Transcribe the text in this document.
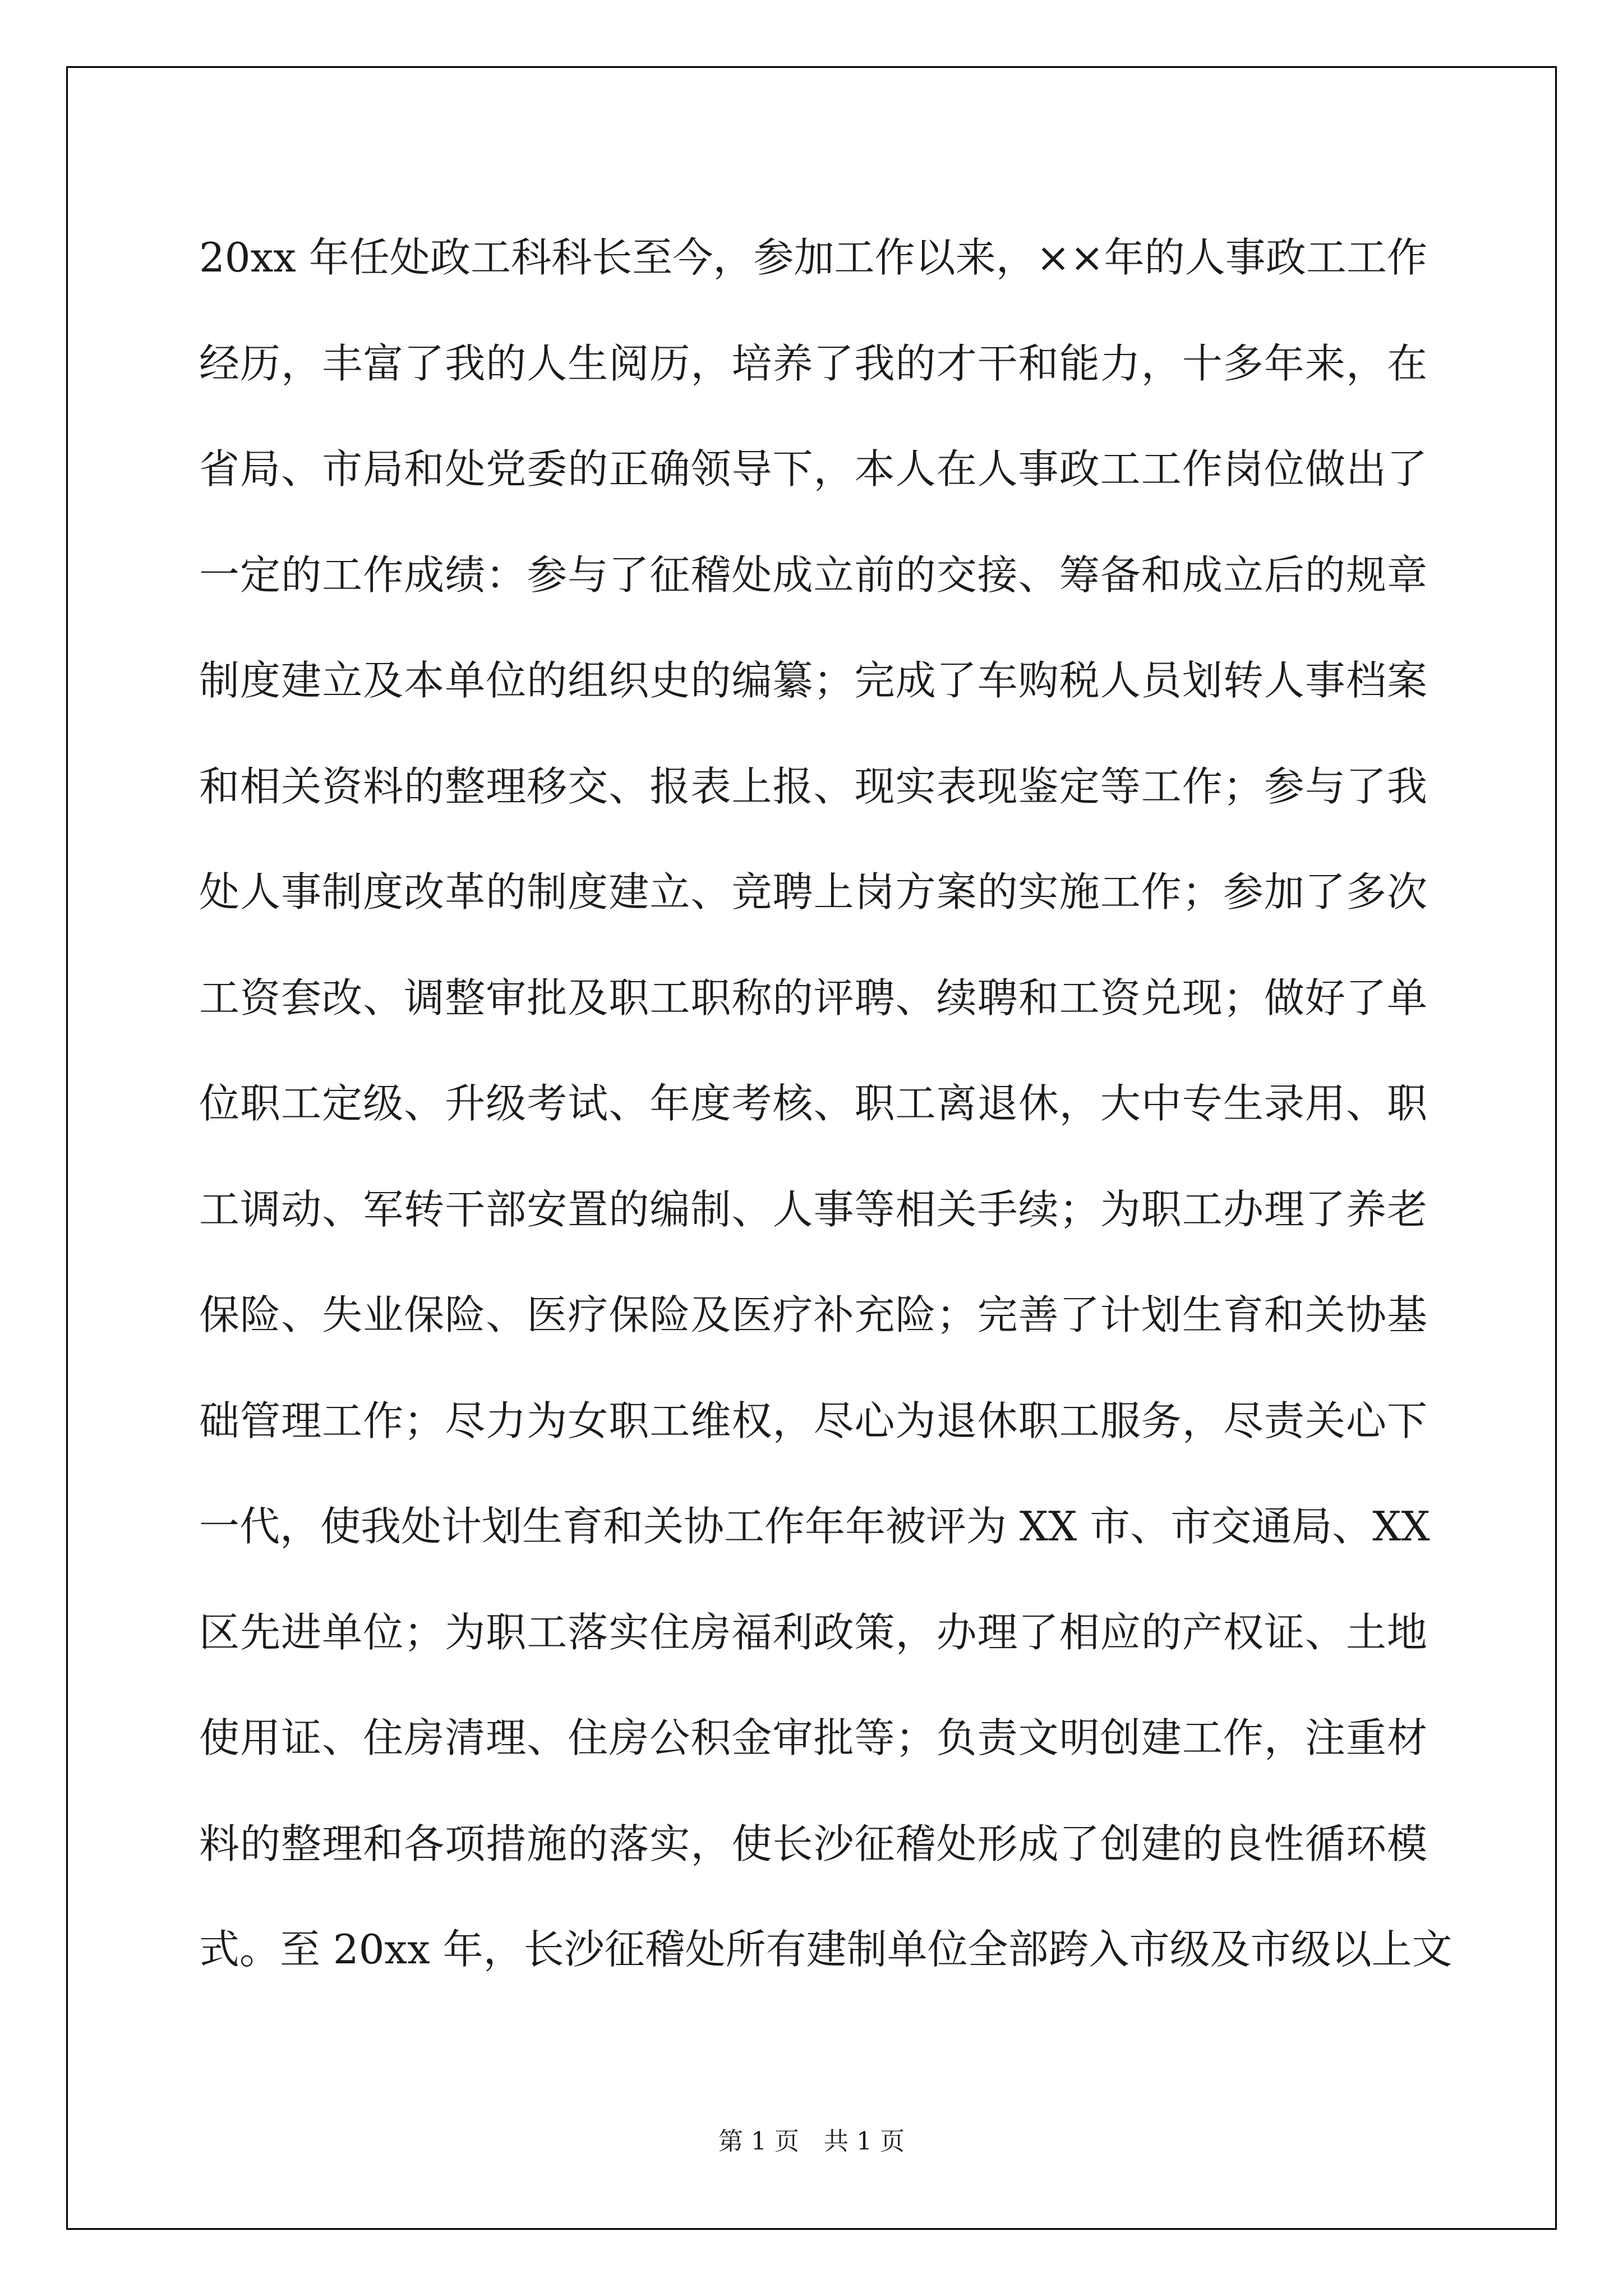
20xx 年任处政工科科长至今，参加工作以来，××年的人事政工工作
经历，丰富了我的人生阅历，培养了我的才干和能力，十多年来，在
省局、市局和处党委的正确领导下，本人在人事政工工作岗位做出了
一定的工作成绩：参与了征稽处成立前的交接、筹备和成立后的规章
制度建立及本单位的组织史的编纂；完成了车购税人员划转人事档案
和相关资料的整理移交、报表上报、现实表现鉴定等工作；参与了我
处人事制度改革的制度建立、竞聘上岗方案的实施工作；参加了多次
工资套改、调整审批及职工职称的评聘、续聘和工资兑现；做好了单
位职工定级、升级考试、年度考核、职工离退休，大中专生录用、职
工调动、军转干部安置的编制、人事等相关手续；为职工办理了养老
保险、失业保险、医疗保险及医疗补充险；完善了计划生育和关协基
础管理工作；尽力为女职工维权，尽心为退休职工服务，尽责关心下
一代，使我处计划生育和关协工作年年被评为 XX 市、市交通局、XX
区先进单位；为职工落实住房福利政策，办理了相应的产权证、土地
使用证、住房清理、住房公积金审批等；负责文明创建工作，注重材
料的整理和各项措施的落实，使长沙征稽处形成了创建的良性循环模
式。至 20xx 年，长沙征稽处所有建制单位全部跨入市级及市级以上文
第 1 页　共 1 页
